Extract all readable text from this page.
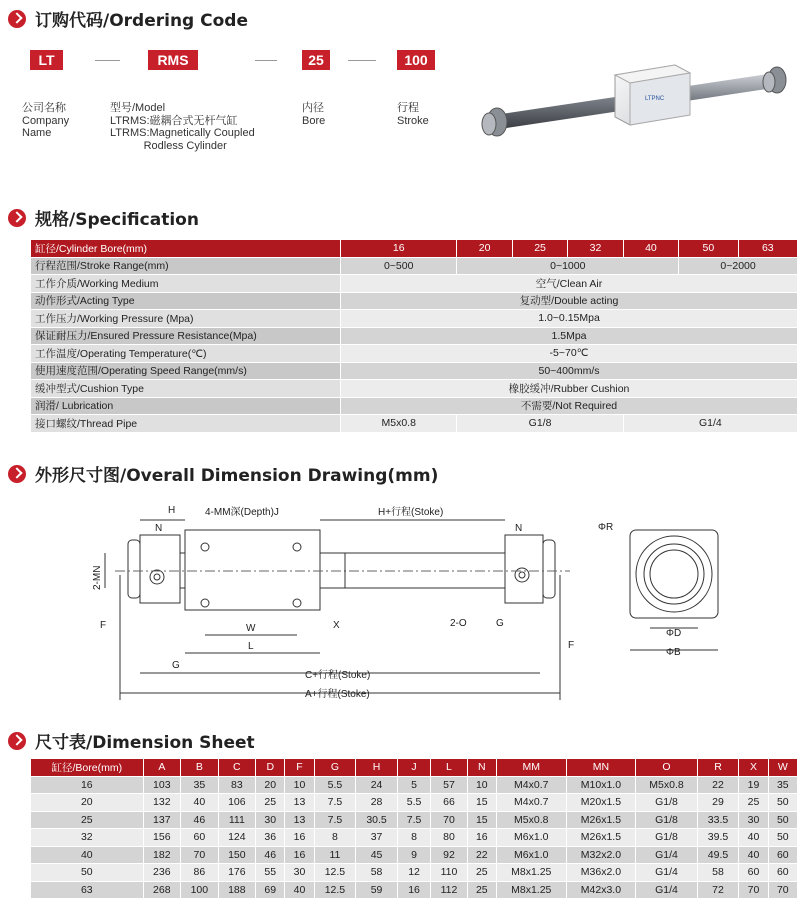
订购代码/Ordering Code
LT	RMS	25	100
公司名称
Company
Name
型号/Model
LTRMS:磁耦合式无杆气缸
LTRMS:Magnetically Coupled
Rodless Cylinder
内径
Bore
行程
Stroke
LTPNC
规格/Specification
缸径/Cylinder Bore(mm)	16	20	25	32	40	50	63
行程范围/Stroke Range(mm)	0~500	0~1000				0~2000	
工作介质/Working Medium	空气/Clean Air						
动作形式/Acting Type	复动型/Double acting						
工作压力/Working Pressure (Mpa)	1.0~0.15Mpa						
保证耐压力/Ensured Pressure Resistance(Mpa)	1.5Mpa						
工作温度/Operating Temperature(℃)	-5~70℃						
使用速度范围/Operating Speed Range(mm/s)	50~400mm/s						
缓冲型式/Cushion Type	橡胶缓冲/Rubber Cushion						
润滑/ Lubrication	不需要/Not Required						
接口螺纹/Thread Pipe	M5x0.8	G1/8			G1/4		
外形尺寸图/Overall Dimension Drawing(mm)
H
N
4-MM深(Depth)J	H+行程(Stoke)
N
2-MN
F	W
L
X	2-O	G
F
G
C+行程(Stoke)
A+行程(Stoke)
ΦR
ΦD
ΦB
尺寸表/Dimension Sheet
缸径/Bore(mm)	A	B	C	D	F	G	H	J	L	N	MM	MN	O	R	X	W
16	103	35	83	20	10	5.5	24	5	57	10	M4x0.7	M10x1.0	M5x0.8	22	19	35
20	132	40	106	25	13	7.5	28	5.5	66	15	M4x0.7	M20x1.5	G1/8	29	25	50
25	137	46	111	30	13	7.5	30.5	7.5	70	15	M5x0.8	M26x1.5	G1/8	33.5	30	50
32	156	60	124	36	16	8	37	8	80	16	M6x1.0	M26x1.5	G1/8	39.5	40	50
40	182	70	150	46	16	11	45	9	92	22	M6x1.0	M32x2.0	G1/4	49.5	40	60
50	236	86	176	55	30	12.5	58	12	110	25	M8x1.25	M36x2.0	G1/4	58	60	60
63	268	100	188	69	40	12.5	59	16	112	25	M8x1.25	M42x3.0	G1/4	72	70	70
